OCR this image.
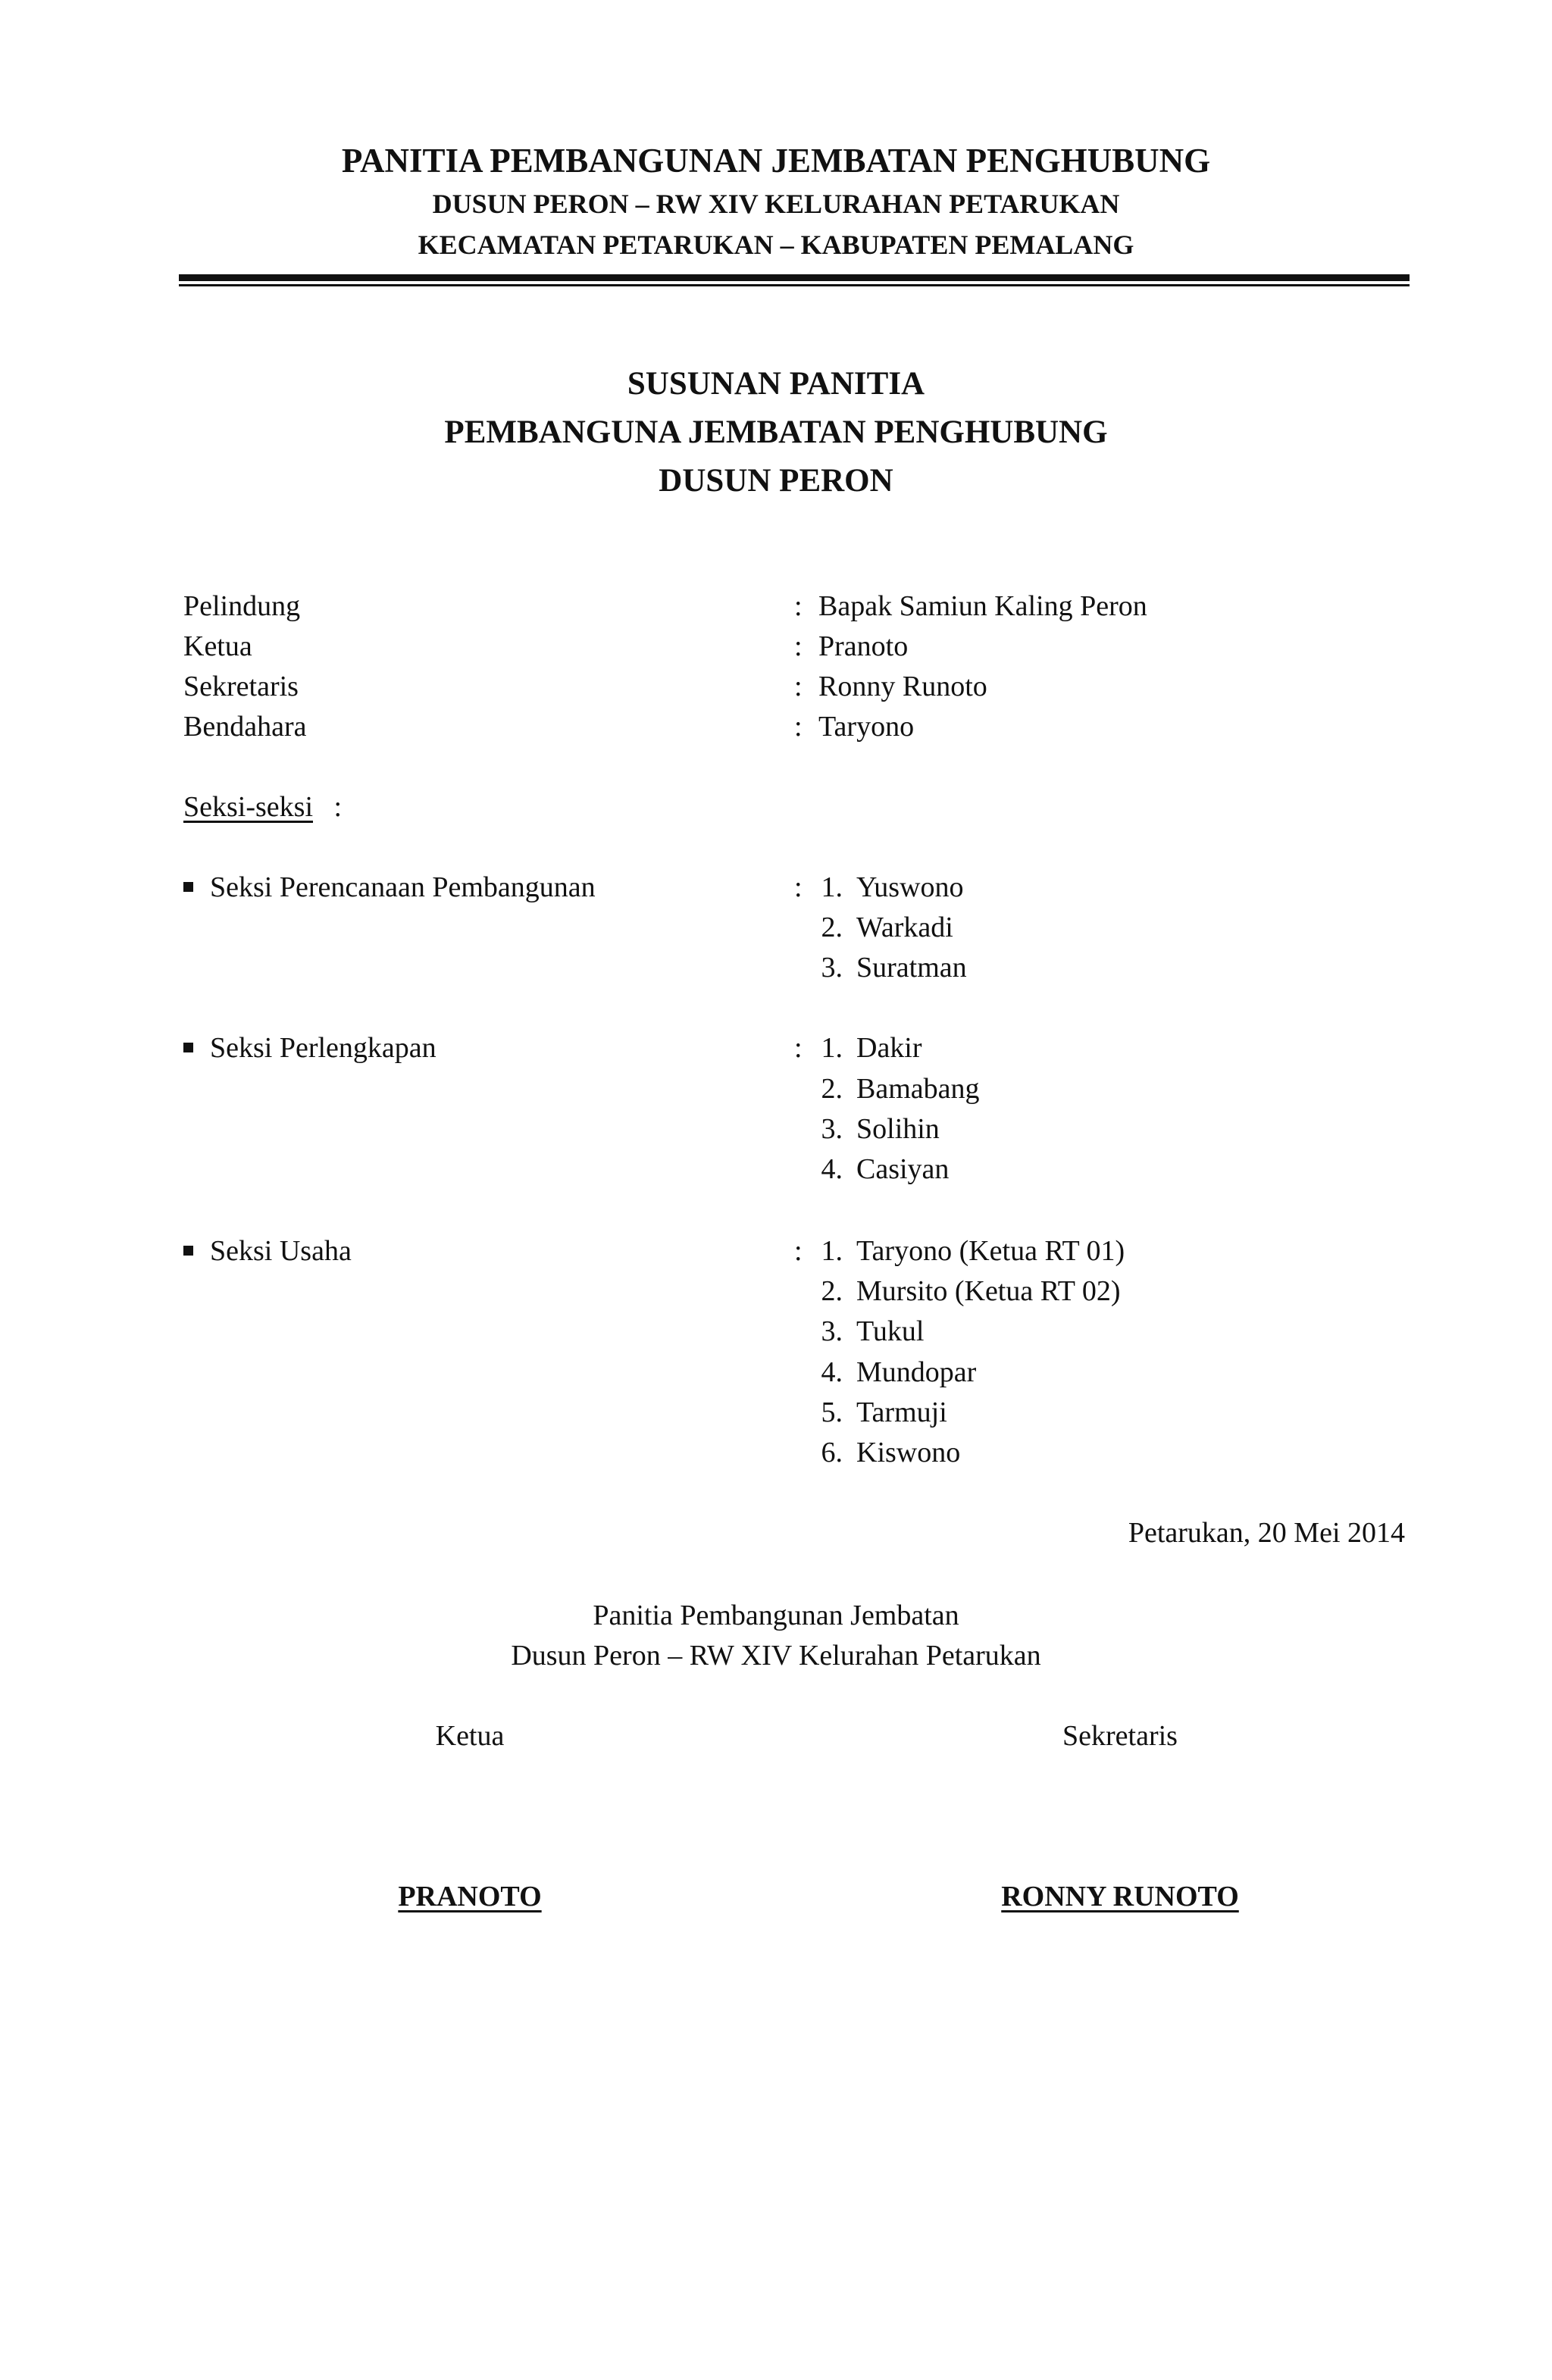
PANITIA PEMBANGUNAN JEMBATAN PENGHUBUNG
DUSUN PERON – RW XIV KELURAHAN PETARUKAN
KECAMATAN PETARUKAN – KABUPATEN PEMALANG
SUSUNAN PANITIA
PEMBANGUNA JEMBATAN PENGHUBUNG
DUSUN PERON
Pelindung	: Bapak Samiun Kaling Peron
Ketua	: Pranoto
Sekretaris	: Ronny Runoto
Bendahara	: Taryono
Seksi-seksi :
Seksi Perencanaan Pembangunan	: 1. Yuswono
2. Warkadi
3. Suratman
Seksi Perlengkapan	: 1. Dakir
2. Bamabang
3. Solihin
4. Casiyan
Seksi Usaha	: 1. Taryono (Ketua RT 01)
2. Mursito (Ketua RT 02)
3. Tukul
4. Mundopar
5. Tarmuji
6. Kiswono
Petarukan, 20 Mei 2014
Panitia Pembangunan Jembatan
Dusun Peron – RW XIV Kelurahan Petarukan
Ketua	Sekretaris
PRANOTO	RONNY RUNOTO
